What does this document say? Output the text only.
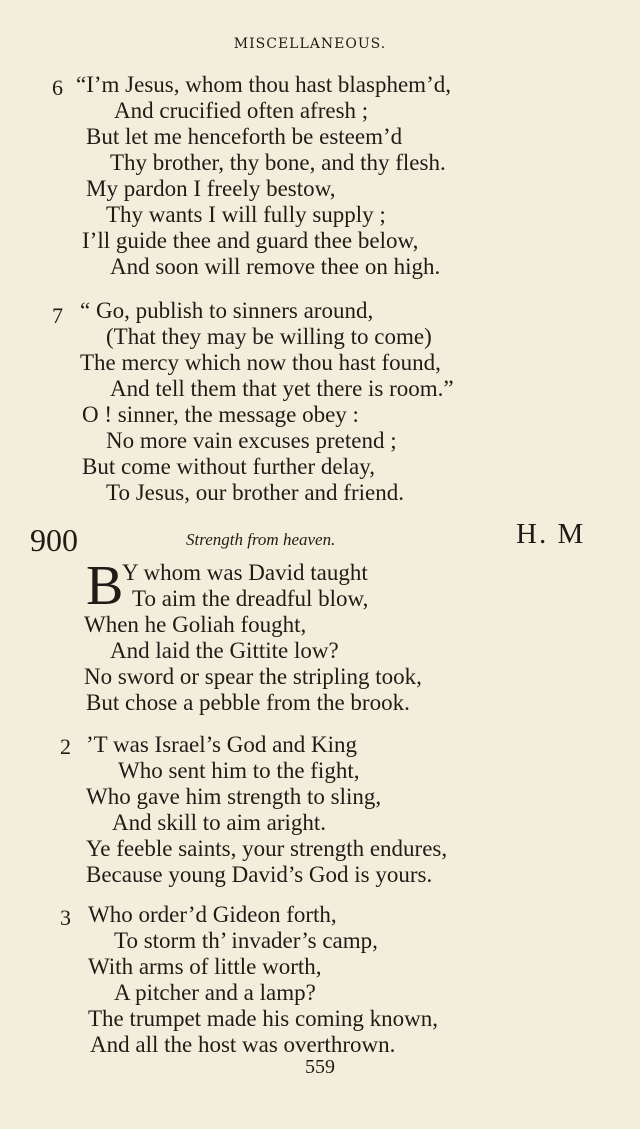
MISCELLANEOUS.
6 “I’m Jesus, whom thou hast blasphem’d,
And crucified often afresh ;
But let me henceforth be esteem’d
Thy brother, thy bone, and thy flesh.
My pardon I freely bestow,
Thy wants I will fully supply ;
I’ll guide thee and guard thee below,
And soon will remove thee on high.
7 “ Go, publish to sinners around,
(That they may be willing to come)
The mercy which now thou hast found,
And tell them that yet there is room.”
O ! sinner, the message obey :
No more vain excuses pretend ;
But come without further delay,
To Jesus, our brother and friend.
900	Strength from heaven.	H. M
B
Y whom was David taught
To aim the dreadful blow,
When he Goliah fought,
And laid the Gittite low?
No sword or spear the stripling took,
But chose a pebble from the brook.
2 ’T was Israel’s God and King
Who sent him to the fight,
Who gave him strength to sling,
And skill to aim aright.
Ye feeble saints, your strength endures,
Because young David’s God is yours.
3 Who order’d Gideon forth,
To storm th’ invader’s camp,
With arms of little worth,
A pitcher and a lamp?
The trumpet made his coming known,
And all the host was overthrown.
559
